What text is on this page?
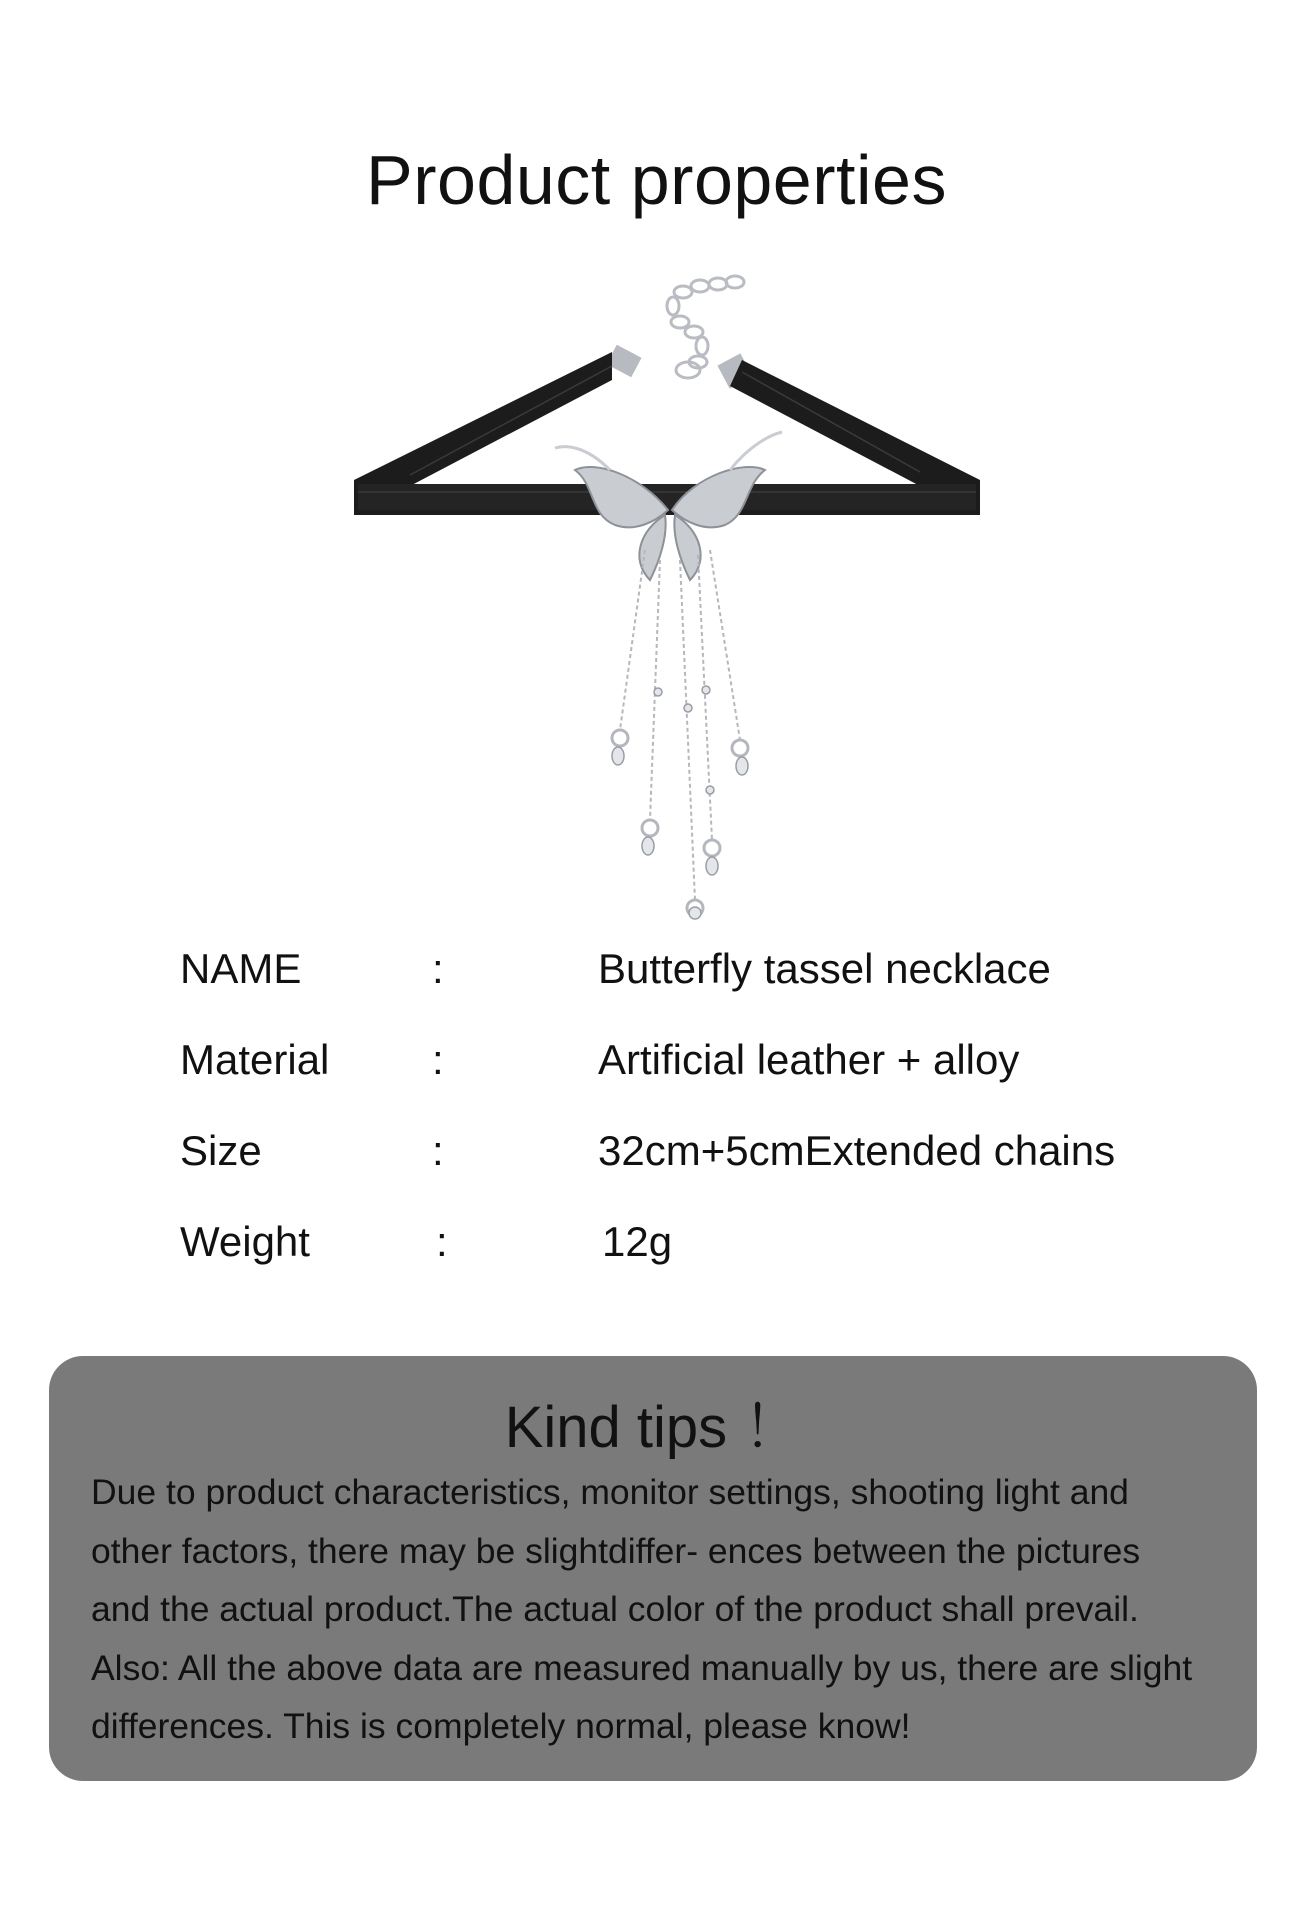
Product properties
NAME	:	Butterfly tassel necklace
Material :	Artificial leather + alloy
Size	:	32cm+5cmExtended chains
Weight	:	12g
Kind tips ！
Due to product characteristics, monitor settings, shooting light and
other factors, there may be slightdiffer- ences between the pictures
and the actual product.The actual color of the product shall prevail.
Also: All the above data are measured manually by us, there are slight
differences. This is completely normal, please know!
